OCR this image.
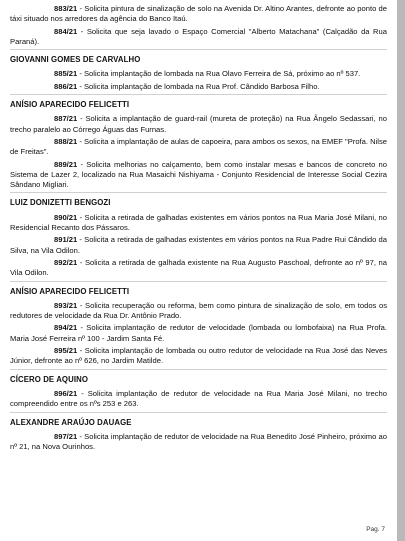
883/21 - Solicita pintura de sinalização de solo na Avenida Dr. Altino Arantes, defronte ao ponto de táxi situado nos arredores da agência do Banco Itaú.

884/21 - Solicita que seja lavado o Espaço Comercial "Alberto Matachana" (Calçadão da Rua Paraná).

GIOVANNI GOMES DE CARVALHO

885/21 - Solicita implantação de lombada na Rua Olavo Ferreira de Sá, próximo ao nº 537.

886/21 - Solicita implantação de lombada na Rua Prof. Cândido Barbosa Filho.

ANÍSIO APARECIDO FELICETTI

887/21 - Solicita a implantação de guard-rail (mureta de proteção) na Rua Ângelo Sedassari, no trecho paralelo ao Córrego Águas das Furnas.

888/21 - Solicita a implantação de aulas de capoeira, para ambos os sexos, na EMEF "Profa. Nilse de Freitas".

889/21 - Solicita melhorias no calçamento, bem como instalar mesas e bancos de concreto no Sistema de Lazer 2, localizado na Rua Masaichi Nishiyama - Conjunto Residencial de Interesse Social Cezira Sândano Migliari.

LUIZ DONIZETTI BENGOZI

890/21 - Solicita a retirada de galhadas existentes em vários pontos na Rua Maria José Milani, no Residencial Recanto dos Pássaros.

891/21 - Solicita a retirada de galhadas existentes em vários pontos na Rua Padre Rui Cândido da Silva, na Vila Odilon.

892/21 - Solicita a retirada de galhada existente na Rua Augusto Paschoal, defronte ao nº 97, na Vila Odilon.

ANÍSIO APARECIDO FELICETTI

893/21 - Solicita recuperação ou reforma, bem como pintura de sinalização de solo, em todos os redutores de velocidade da Rua Dr. Antônio Prado.

894/21 - Solicita implantação de redutor de velocidade (lombada ou lombofaixa) na Rua Profa. Maria José Ferreira nº 100 - Jardim Santa Fé.

895/21 - Solicita implantação de lombada ou outro redutor de velocidade na Rua José das Neves Júnior, defronte ao nº 626, no Jardim Matilde.

CÍCERO DE AQUINO

896/21 - Solicita implantação de redutor de velocidade na Rua Maria José Milani, no trecho compreendido entre os nºs 253 e 263.

ALEXANDRE ARAÚJO DAUAGE

897/21 - Solicita implantação de redutor de velocidade na Rua Benedito José Pinheiro, próximo ao nº 21, na Nova Ourinhos.

Pag. 7
